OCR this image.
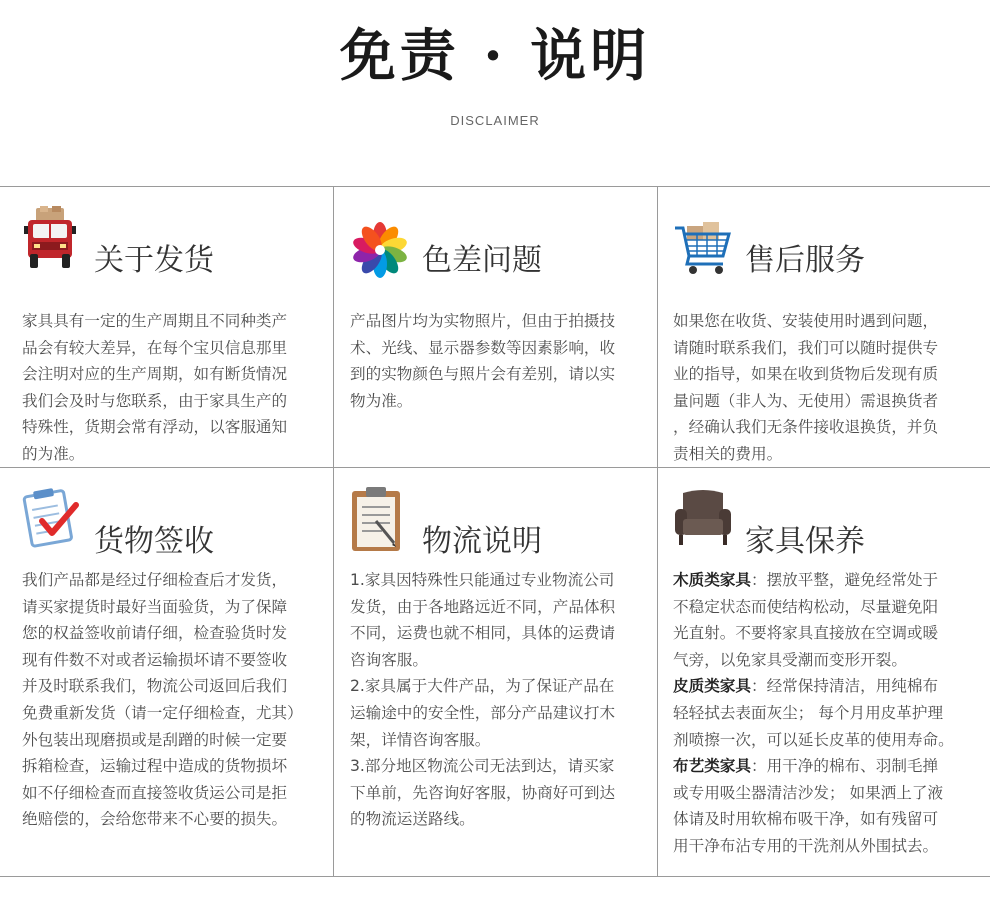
免责 · 说明
DISCLAIMER
关于发货

家具具有一定的生产周期且不同种类产

品会有较大差异，在每个宝贝信息那里

会注明对应的生产周期，如有断货情况

我们会及时与您联系，由于家具生产的

特殊性，货期会常有浮动，以客服通知

的为准。

色差问题

产品图片均为实物照片，但由于拍摄技

术、光线、显示器参数等因素影响，收

到的实物颜色与照片会有差别，请以实

物为准。

售后服务

如果您在收货、安装使用时遇到问题，

请随时联系我们，我们可以随时提供专

业的指导，如果在收到货物后发现有质

量问题（非人为、无使用）需退换货者

，经确认我们无条件接收退换货，并负

责相关的费用。

货物签收

我们产品都是经过仔细检查后才发货，

请买家提货时最好当面验货，为了保障

您的权益签收前请仔细，检查验货时发

现有件数不对或者运输损坏请不要签收

并及时联系我们，物流公司返回后我们

免费重新发货（请一定仔细检查，尤其）

外包装出现磨损或是刮蹭的时候一定要

拆箱检查，运输过程中造成的货物损坏

如不仔细检查而直接签收货运公司是拒

绝赔偿的，会给您带来不心要的损失。

物流说明

1.家具因特殊性只能通过专业物流公司

发货，由于各地路远近不同，产品体积

不同，运费也就不相同，具体的运费请

咨询客服。

2.家具属于大件产品，为了保证产品在

运输途中的安全性，部分产品建议打木

架，详情咨询客服。

3.部分地区物流公司无法到达，请买家

下单前，先咨询好客服，协商好可到达

的物流运送路线。

家具保养

木质类家具：摆放平整，避免经常处于

不稳定状态而使结构松动，尽量避免阳

光直射。不要将家具直接放在空调或暖

气旁，以免家具受潮而变形开裂。

皮质类家具：经常保持清洁，用纯棉布

轻轻拭去表面灰尘； 每个月用皮革护理

剂喷擦一次，可以延长皮革的使用寿命。

布艺类家具：用干净的棉布、羽制毛掸

或专用吸尘器清洁沙发； 如果洒上了液

体请及时用软棉布吸干净，如有残留可

用干净布沾专用的干洗剂从外围拭去。
